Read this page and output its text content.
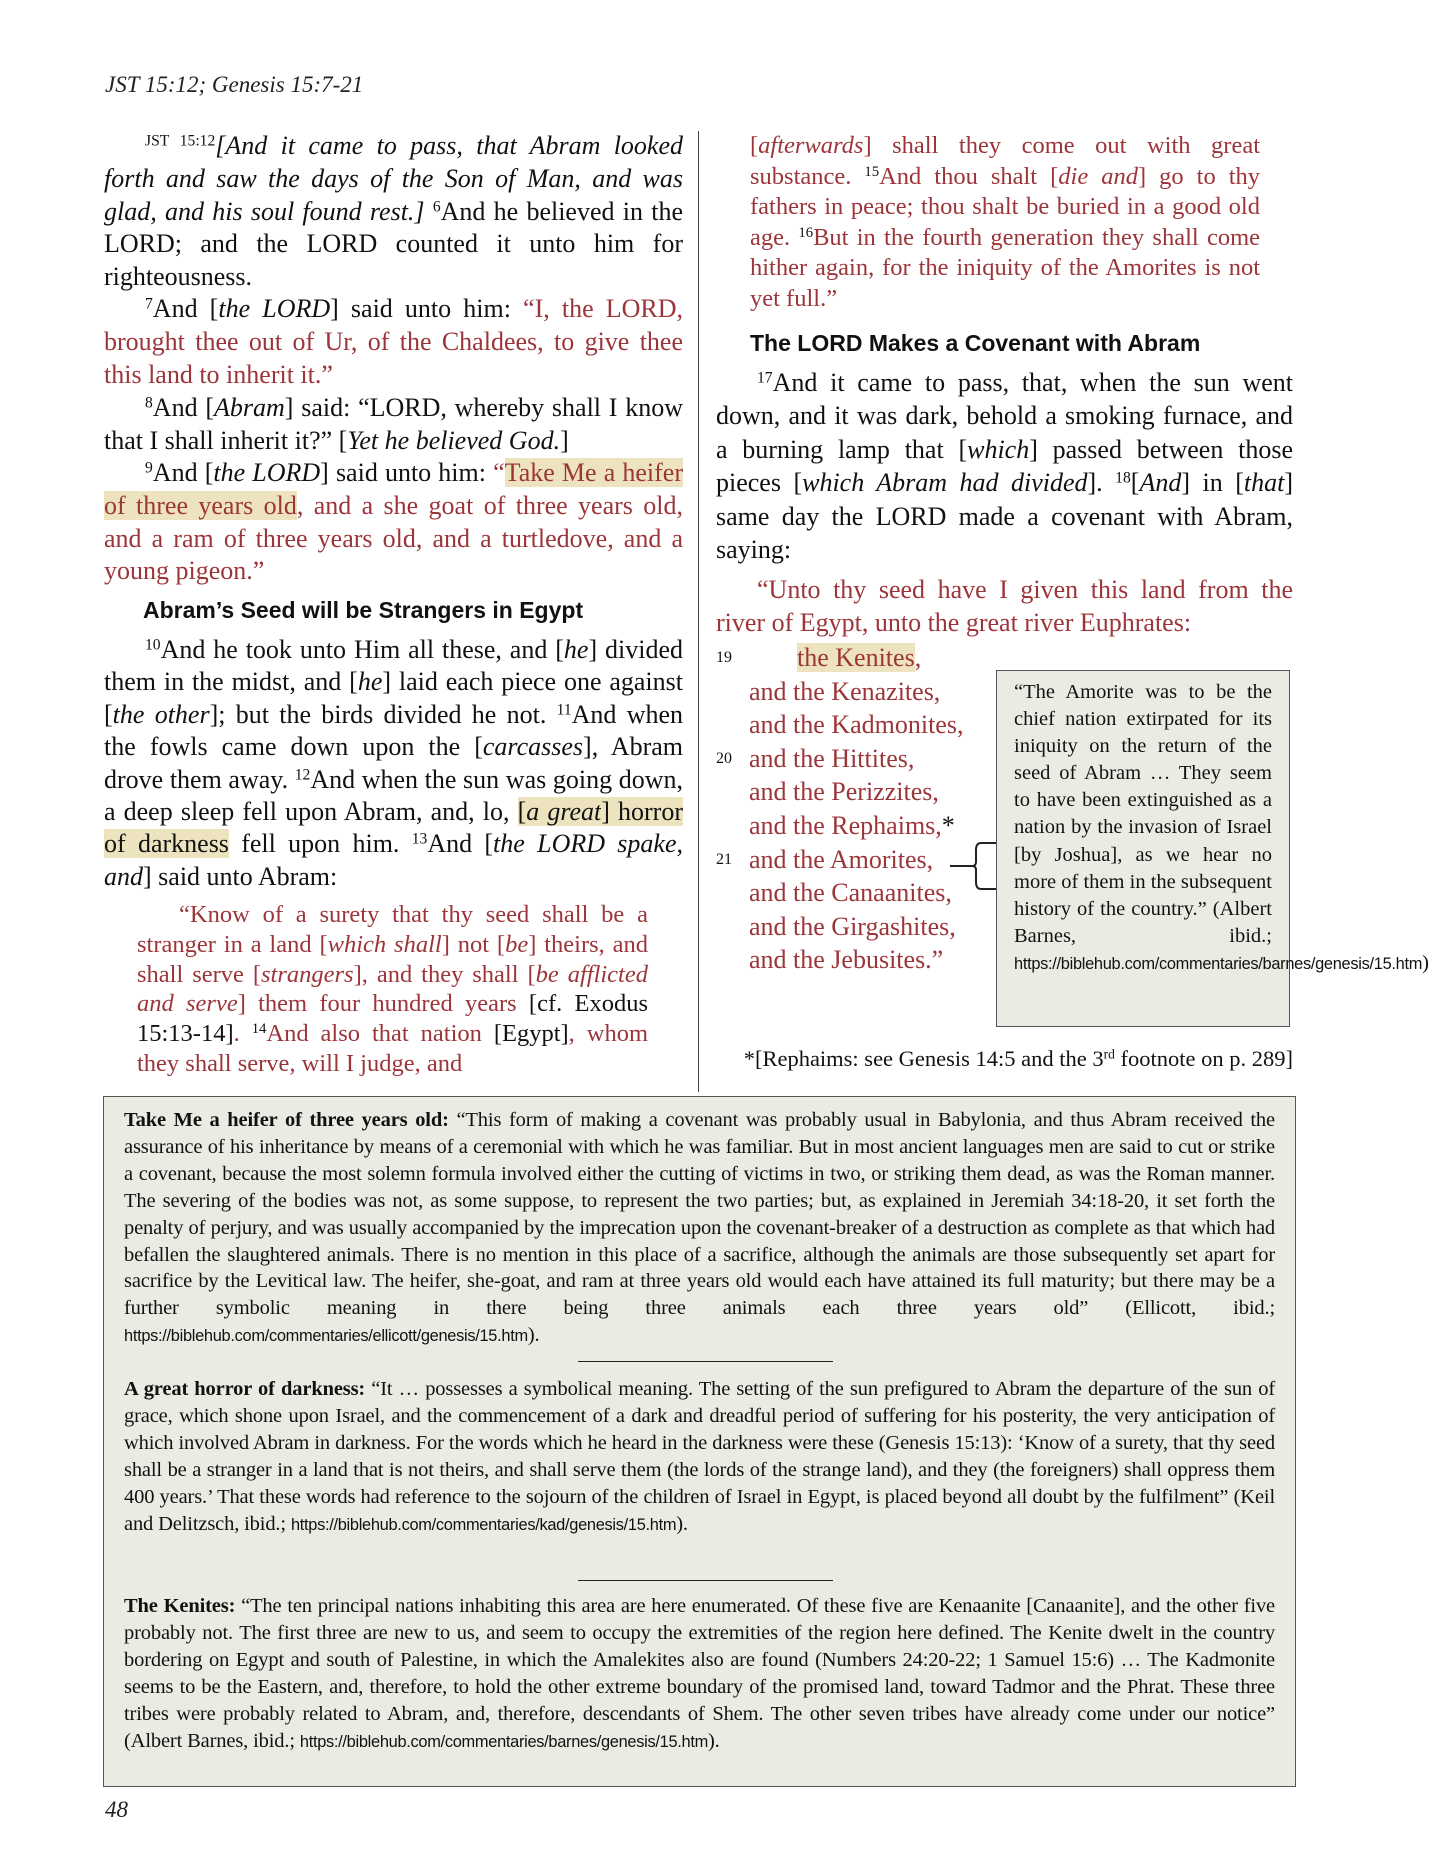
JST 15:12; Genesis 15:7-21
$^{JST 15:12}$[And it came to pass, that Abram looked forth and saw the days of the Son of Man, and was glad, and his soul found rest.] $^6$And he believed in the LORD; and the LORD counted it unto him for righteousness.
$^7$And [the LORD] said unto him: “I, the LORD, brought thee out of Ur, of the Chaldees, to give thee this land to inherit it.”
$^8$And [Abram] said: “LORD, whereby shall I know that I shall inherit it?” [Yet he believed God.]
$^9$And [the LORD] said unto him: “Take Me a heifer of three years old, and a she goat of three years old, and a ram of three years old, and a turtledove, and a young pigeon.”
Abram’s Seed will be Strangers in Egypt
$^{10}$And he took unto Him all these, and [he] divided them in the midst, and [he] laid each piece one against [the other]; but the birds divided he not. $^{11}$And when the fowls came down upon the [carcasses], Abram drove them away. $^{12}$And when the sun was going down, a deep sleep fell upon Abram, and, lo, [a great] horror of darkness fell upon him. $^{13}$And [the LORD spake, and] said unto Abram:
“Know of a surety that thy seed shall be a stranger in a land [which shall] not [be] theirs, and shall serve [strangers], and they shall [be afflicted and serve] them four hundred years [cf. Exodus 15:13-14]. $^{14}$And also that nation [Egypt], whom they shall serve, will I judge, and
[afterwards] shall they come out with great substance. $^{15}$And thou shalt [die and] go to thy fathers in peace; thou shalt be buried in a good old age. $^{16}$But in the fourth generation they shall come hither again, for the iniquity of the Amorites is not yet full.”
The LORD Makes a Covenant with Abram
$^{17}$And it came to pass, that, when the sun went down, and it was dark, behold a smoking furnace, and a burning lamp that [which] passed between those pieces [which Abram had divided]. $^{18}$[And] in [that] same day the LORD made a covenant with Abram, saying:
“Unto thy seed have I given this land from the river of Egypt, unto the great river Euphrates:
19	the Kenites,
and the Kenazites,
and the Kadmonites,
20 and the Hittites,
and the Perizzites,
and the Rephaims,*
21 and the Amorites,
and the Canaanites,
and the Girgashites,
and the Jebusites.”
“The Amorite was to be the chief nation extirpated for its iniquity on the return of the seed of Abram … They seem to have been extinguished as a nation by the invasion of Israel [by Joshua], as we hear no more of them in the subsequent history of the country.” (Albert Barnes, ibid.; https://biblehub.com/commentaries/barnes/genesis/15.htm)
*[Rephaims: see Genesis 14:5 and the 3rd footnote on p. 289]
Take Me a heifer of three years old: “This form of making a covenant was probably usual in Babylonia, and thus Abram received the assurance of his inheritance by means of a ceremonial with which he was familiar. But in most ancient languages men are said to cut or strike a covenant, because the most solemn formula involved either the cutting of victims in two, or striking them dead, as was the Roman manner. The severing of the bodies was not, as some suppose, to represent the two parties; but, as explained in Jeremiah 34:18-20, it set forth the penalty of perjury, and was usually accompanied by the imprecation upon the covenant-breaker of a destruction as complete as that which had befallen the slaughtered animals. There is no mention in this place of a sacrifice, although the animals are those subsequently set apart for sacrifice by the Levitical law. The heifer, she-goat, and ram at three years old would each have attained its full maturity; but there may be a further symbolic meaning in there being three animals each three years old” (Ellicott, ibid.; https://biblehub.com/commentaries/ellicott/genesis/15.htm).
A great horror of darkness: “It … possesses a symbolical meaning. The setting of the sun prefigured to Abram the departure of the sun of grace, which shone upon Israel, and the commencement of a dark and dreadful period of suffering for his posterity, the very anticipation of which involved Abram in darkness. For the words which he heard in the darkness were these (Genesis 15:13): ‘Know of a surety, that thy seed shall be a stranger in a land that is not theirs, and shall serve them (the lords of the strange land), and they (the foreigners) shall oppress them 400 years.’ That these words had reference to the sojourn of the children of Israel in Egypt, is placed beyond all doubt by the fulfilment” (Keil and Delitzsch, ibid.; https://biblehub.com/commentaries/kad/genesis/15.htm).
The Kenites: “The ten principal nations inhabiting this area are here enumerated. Of these five are Kenaanite [Canaanite], and the other five probably not. The first three are new to us, and seem to occupy the extremities of the region here defined. The Kenite dwelt in the country bordering on Egypt and south of Palestine, in which the Amalekites also are found (Numbers 24:20-22; 1 Samuel 15:6) … The Kadmonite seems to be the Eastern, and, therefore, to hold the other extreme boundary of the promised land, toward Tadmor and the Phrat. These three tribes were probably related to Abram, and, therefore, descendants of Shem. The other seven tribes have already come under our notice” (Albert Barnes, ibid.; https://biblehub.com/commentaries/barnes/genesis/15.htm).
48
